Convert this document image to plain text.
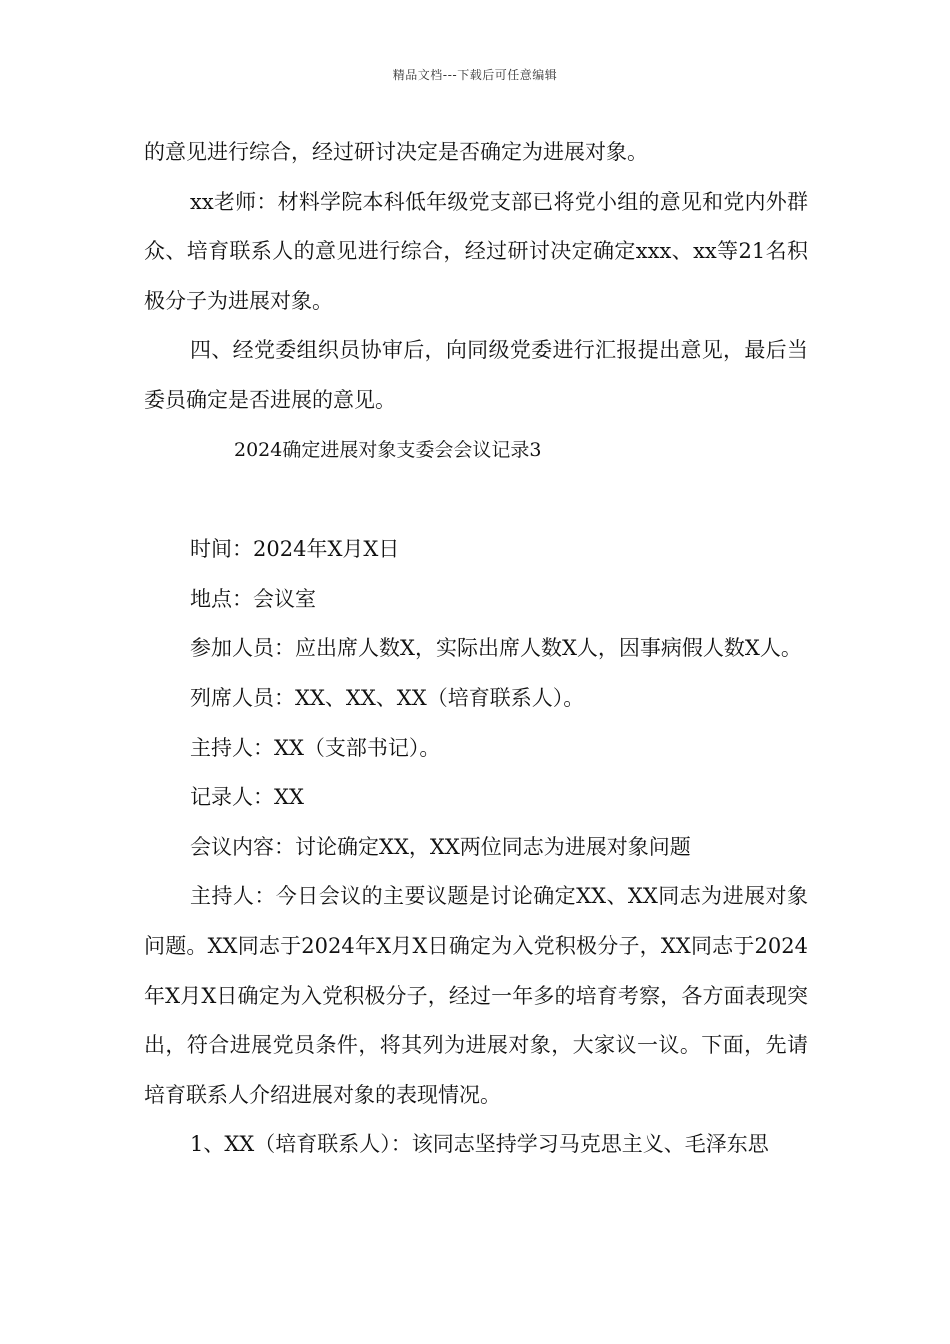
精品文档---下载后可任意编辑

的意见进行综合，经过研讨决定是否确定为进展对象。

xx老师：材料学院本科低年级党支部已将党小组的意见和党内外群众、培育联系人的意见进行综合，经过研讨决定确定xxx、xx等21名积极分子为进展对象。

四、经党委组织员协审后，向同级党委进行汇报提出意见，最后当委员确定是否进展的意见。

2024确定进展对象支委会会议记录3

时间：2024年X月X日

地点：会议室

参加人员：应出席人数X，实际出席人数X人，因事病假人数X人。

列席人员：XX、XX、XX（培育联系人）。

主持人：XX（支部书记）。

记录人：XX

会议内容：讨论确定XX，XX两位同志为进展对象问题

主持人：今日会议的主要议题是讨论确定XX、XX同志为进展对象问题。XX同志于2024年X月X日确定为入党积极分子，XX同志于2024年X月X日确定为入党积极分子，经过一年多的培育考察，各方面表现突出，符合进展党员条件，将其列为进展对象，大家议一议。下面，先请培育联系人介绍进展对象的表现情况。

1、XX（培育联系人）：该同志坚持学习马克思主义、毛泽东思
